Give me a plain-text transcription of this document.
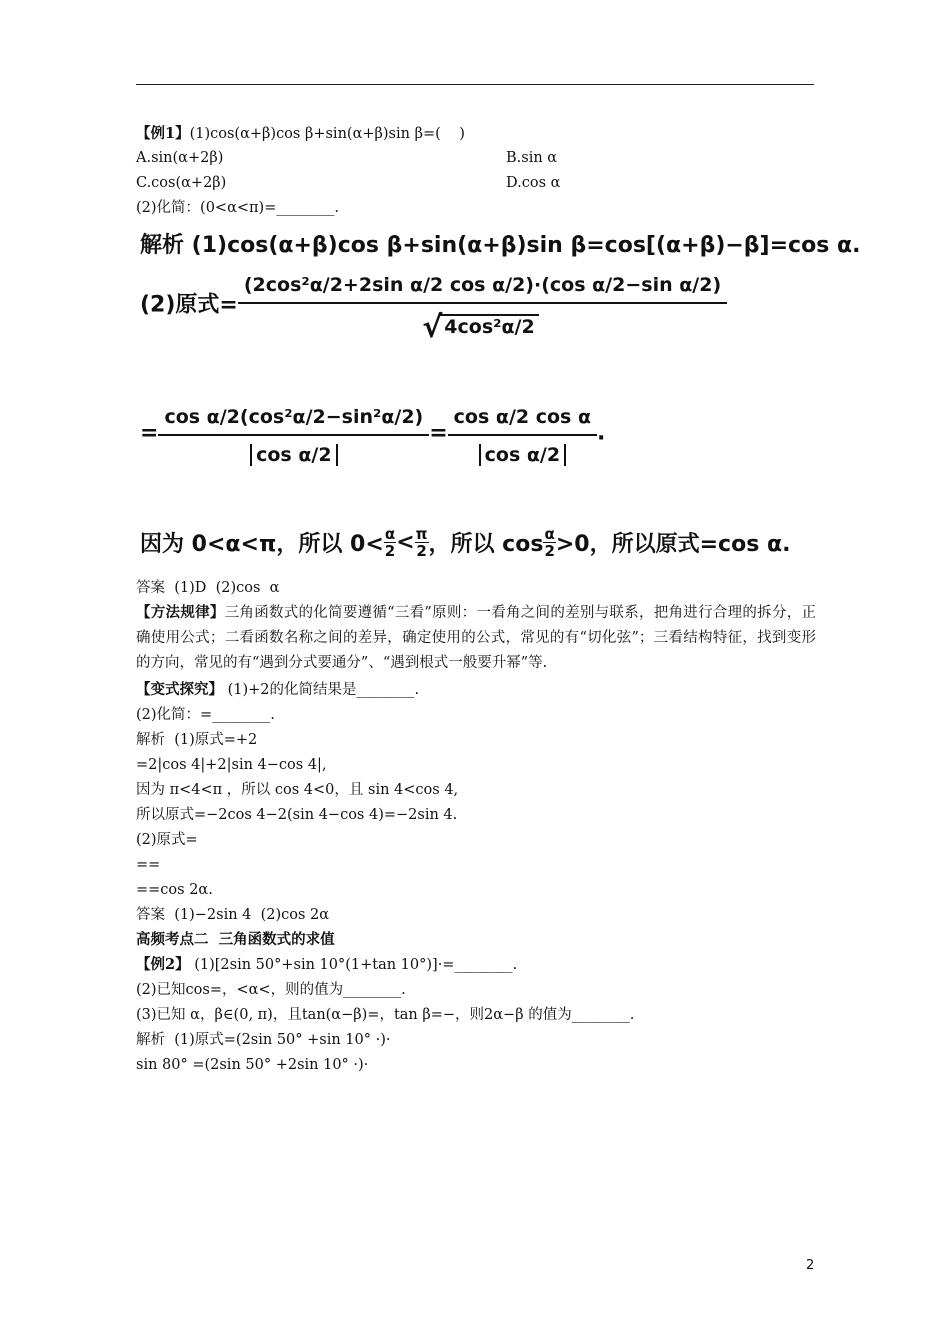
【例1】(1)cos(α+β)cos β+sin(α+β)sin β=(    )
A.sin(α+2β)	B.sin α
C.cos(α+2β)	D.cos α
(2)化简：(0<α<π)=________.
解析 (1)cos(α+β)cos β+sin(α+β)sin β=cos[(α+β)−β]=cos α.
(2)原式= (2cos²α/2+2sin α/2 cos α/2)·(cos α/2−sin α/2)
√ 4cos²α/2
= $\frac{\text{cos α/2(cos²α/2−sin²α/2)}}{\text{cos α/2}} = \frac{\text{cos α/2 cos α}}{\text{cos α/2}}$ .
因为 0<α<π，所以 $0< \frac{\alpha}{2} < \frac{\pi}{2}$ ，所以 $\cos \frac{\alpha}{2} >0$，所以原式=cos α.
答案  (1)D  (2)cos  α
【方法规律】三角函数式的化简要遵循“三看”原则：一看角之间的差别与联系，把角进行合理的拆分，正确使用公式；二看函数名称之间的差异，确定使用的公式，常见的有“切化弦”；三看结构特征，找到变形的方向，常见的有“遇到分式要通分”、“遇到根式一般要升幂”等.
【变式探究】 (1)+2的化简结果是________.
(2)化简：=________.
解析  (1)原式=+2
=2|cos 4|+2|sin 4−cos 4|,
因为 π<4<π ，所以 cos 4<0，且 sin 4<cos 4,
所以原式=−2cos 4−2(sin 4−cos 4)=−2sin 4.
(2)原式=
==
==cos 2α.
答案  (1)−2sin 4  (2)cos 2α
高频考点二  三角函数式的求值
【例2】 (1)[2sin 50°+sin 10°(1+tan 10°)]·=________.
(2)已知cos=，<α<，则的值为________.
(3)已知 α，β∈(0, π)，且tan(α−β)=，tan β=−，则2α−β 的值为________.
解析  (1)原式=(2sin 50° +sin 10° ·)·
sin 80° =(2sin 50° +2sin 10° ·)·
2
